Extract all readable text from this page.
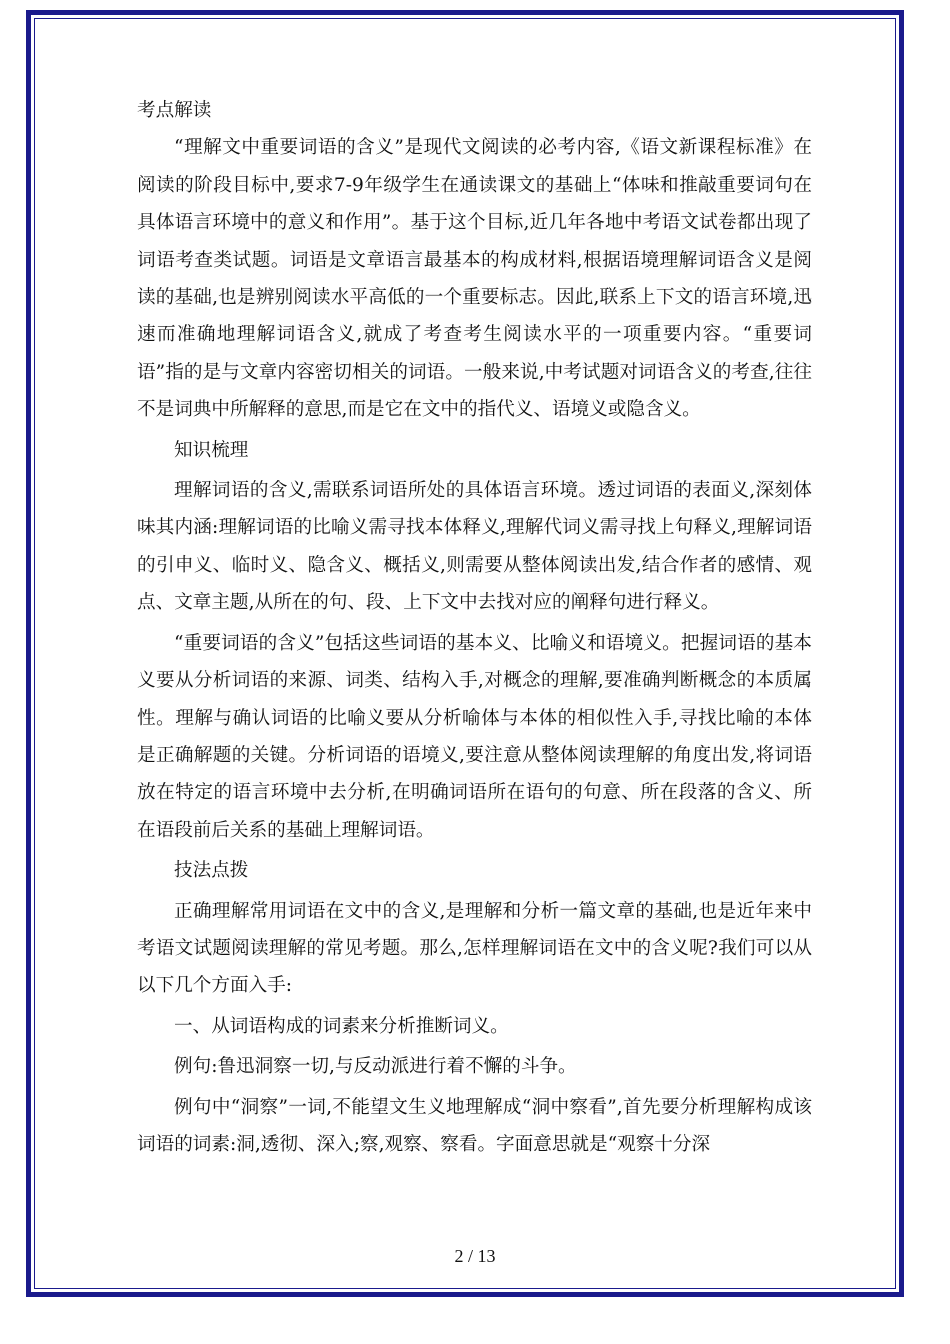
考点解读

“理解文中重要词语的含义”是现代文阅读的必考内容,《语文新课程标准》在阅读的阶段目标中,要求7-9年级学生在通读课文的基础上“体味和推敲重要词句在具体语言环境中的意义和作用”。基于这个目标,近几年各地中考语文试卷都出现了词语考查类试题。词语是文章语言最基本的构成材料,根据语境理解词语含义是阅读的基础,也是辨别阅读水平高低的一个重要标志。因此,联系上下文的语言环境,迅速而准确地理解词语含义,就成了考查考生阅读水平的一项重要内容。“重要词语”指的是与文章内容密切相关的词语。一般来说,中考试题对词语含义的考查,往往不是词典中所解释的意思,而是它在文中的指代义、语境义或隐含义。

知识梳理

理解词语的含义,需联系词语所处的具体语言环境。透过词语的表面义,深刻体味其内涵:理解词语的比喻义需寻找本体释义,理解代词义需寻找上句释义,理解词语的引申义、临时义、隐含义、概括义,则需要从整体阅读出发,结合作者的感情、观点、文章主题,从所在的句、段、上下文中去找对应的阐释句进行释义。

“重要词语的含义”包括这些词语的基本义、比喻义和语境义。把握词语的基本义要从分析词语的来源、词类、结构入手,对概念的理解,要准确判断概念的本质属性。理解与确认词语的比喻义要从分析喻体与本体的相似性入手,寻找比喻的本体是正确解题的关键。分析词语的语境义,要注意从整体阅读理解的角度出发,将词语放在特定的语言环境中去分析,在明确词语所在语句的句意、所在段落的含义、所在语段前后关系的基础上理解词语。

技法点拨

正确理解常用词语在文中的含义,是理解和分析一篇文章的基础,也是近年来中考语文试题阅读理解的常见考题。那么,怎样理解词语在文中的含义呢?我们可以从以下几个方面入手:

一、从词语构成的词素来分析推断词义。

例句:鲁迅洞察一切,与反动派进行着不懈的斗争。

例句中“洞察”一词,不能望文生义地理解成“洞中察看”,首先要分析理解构成该词语的词素:洞,透彻、深入;察,观察、察看。字面意思就是“观察十分深

2 / 13
